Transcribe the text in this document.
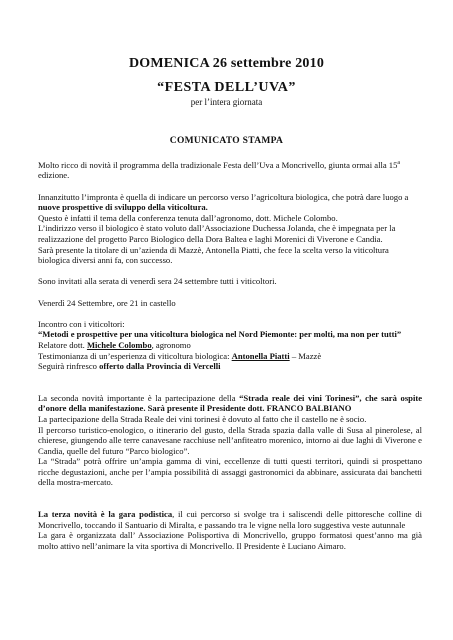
DOMENICA 26 settembre 2010
“FESTA DELL’UVA”
per l’intera giornata
COMUNICATO STAMPA

Molto ricco di novità il programma della tradizionale Festa dell’Uva a Moncrivello, giunta ormai alla 15$^a$ edizione.

Innanzitutto l’impronta è quella di indicare un percorso verso l’agricoltura biologica, che potrà dare luogo a nuove prospettive di sviluppo della viticoltura.

Questo è infatti il tema della conferenza tenuta dall’agronomo, dott. Michele Colombo.

L’indirizzo verso il biologico è stato voluto dall’Associazione Duchessa Jolanda, che è impegnata per la realizzazione del progetto Parco Biologico della Dora Baltea e laghi Morenici di Viverone e Candia.

Sarà presente la titolare di un’azienda di Mazzè, Antonella Piatti, che fece la scelta verso la viticoltura biologica diversi anni fa, con successo.

Sono invitati alla serata di venerdì sera 24 settembre tutti i viticoltori.

Venerdì 24 Settembre, ore 21 in castello

Incontro con i viticoltori:

“Metodi e prospettive per una viticoltura biologica nel Nord Piemonte: per molti, ma non per tutti”

Relatore dott. Michele Colombo, agronomo

Testimonianza di un’esperienza di viticoltura biologica: Antonella Piatti – Mazzè

Seguirà rinfresco offerto dalla Provincia di Vercelli

La seconda novità importante è la partecipazione della “Strada reale dei vini Torinesi”, che sarà ospite d’onore della manifestazione. Sarà presente il Presidente dott. FRANCO BALBIANO

La partecipazione della Strada Reale dei vini torinesi è dovuto al fatto che il castello ne è socio.

Il percorso turistico-enologico, o itinerario del gusto, della Strada spazia dalla valle di Susa al pinerolese, al chierese, giungendo alle terre canavesane racchiuse nell’anfiteatro morenico, intorno ai due laghi di Viverone e Candia, quelle del futuro “Parco biologico”.

La “Strada” potrà offrire un’ampia gamma di vini, eccellenze di tutti questi territori, quindi si prospettano ricche degustazioni, anche per l’ampia possibilità di assaggi gastronomici da abbinare, assicurata dai banchetti della mostra-mercato.

La terza novità è la gara podistica, il cui percorso si svolge tra i saliscendi delle pittoresche colline di Moncrivello, toccando il Santuario di Miralta, e passando tra le vigne nella loro suggestiva veste autunnale

La gara è organizzata dall’ Associazione Polisportiva di Moncrivello, gruppo formatosi quest’anno ma già molto attivo nell’animare la vita sportiva di Moncrivello. Il Presidente è Luciano Aimaro.
